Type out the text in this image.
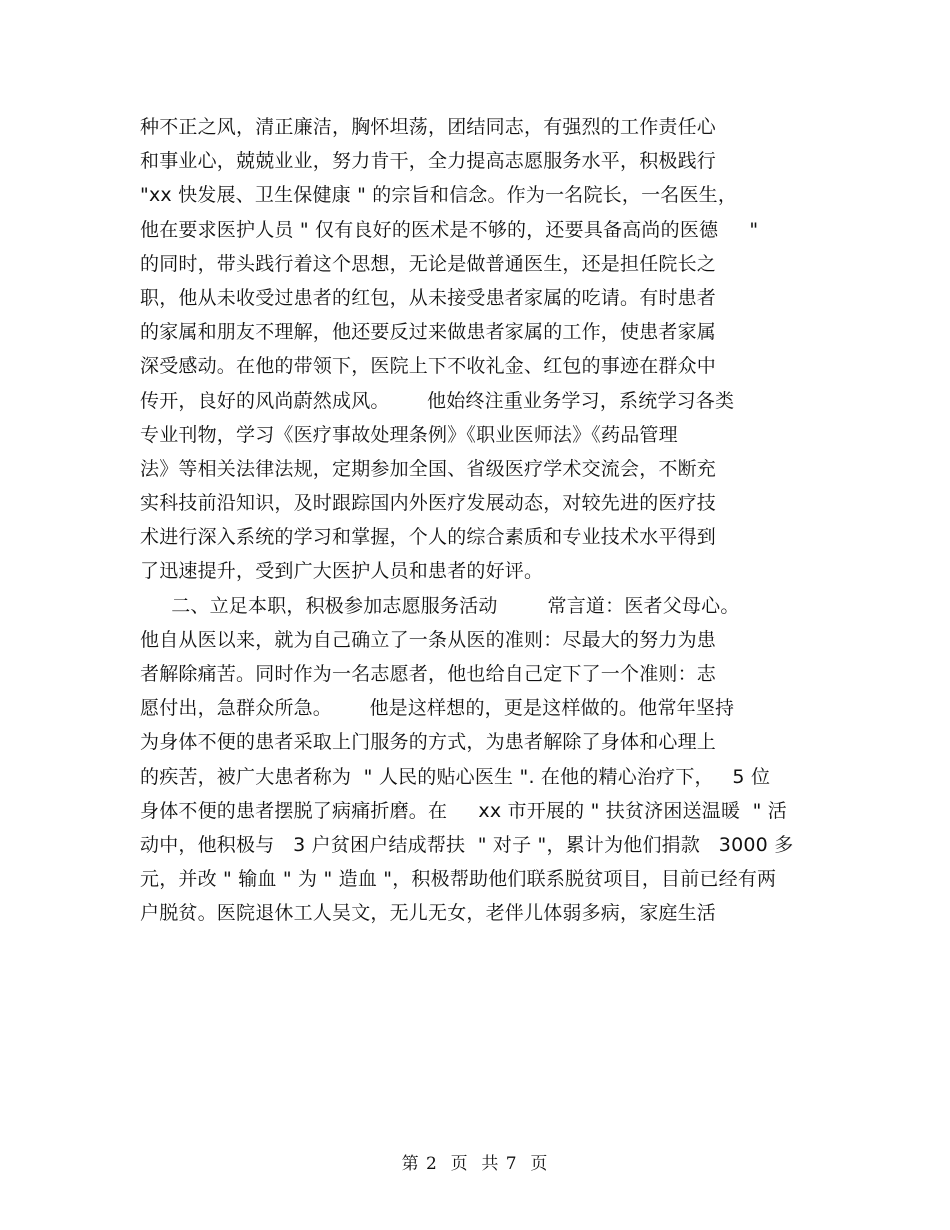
种不正之风，清正廉洁，胸怀坦荡，团结同志，有强烈的工作责任心
和事业心，兢兢业业，努力肯干，全力提高志愿服务水平，积极践行
"xx 快发展、卫生保健康 " 的宗旨和信念。作为一名院长，一名医生，
他在要求医护人员 " 仅有良好的医术是不够的，还要具备高尚的医德     "
的同时，带头践行着这个思想，无论是做普通医生，还是担任院长之
职，他从未收受过患者的红包，从未接受患者家属的吃请。有时患者
的家属和朋友不理解，他还要反过来做患者家属的工作，使患者家属
深受感动。在他的带领下，医院上下不收礼金、红包的事迹在群众中
传开，良好的风尚蔚然成风。      他始终注重业务学习，系统学习各类
专业刊物，学习《医疗事故处理条例》《职业医师法》《药品管理
法》等相关法律法规，定期参加全国、省级医疗学术交流会，不断充
实科技前沿知识，及时跟踪国内外医疗发展动态，对较先进的医疗技
术进行深入系统的学习和掌握，个人的综合素质和专业技术水平得到
了迅速提升，受到广大医护人员和患者的好评。
二、立足本职，积极参加志愿服务活动        常言道：医者父母心。
他自从医以来，就为自己确立了一条从医的准则：尽最大的努力为患
者解除痛苦。同时作为一名志愿者，他也给自己定下了一个准则：志
愿付出，急群众所急。      他是这样想的，更是这样做的。他常年坚持
为身体不便的患者采取上门服务的方式，为患者解除了身体和心理上
的疾苦，被广大患者称为  " 人民的贴心医生 ". 在他的精心治疗下，   5 位
身体不便的患者摆脱了病痛折磨。在     xx 市开展的 " 扶贫济困送温暖  " 活
动中，他积极与   3 户贫困户结成帮扶  " 对子 "，累计为他们捐款   3000 多
元，并改 " 输血 " 为 " 造血 "，积极帮助他们联系脱贫项目，目前已经有两
户脱贫。医院退休工人吴文，无儿无女，老伴儿体弱多病，家庭生活
第 2  页  共 7  页
